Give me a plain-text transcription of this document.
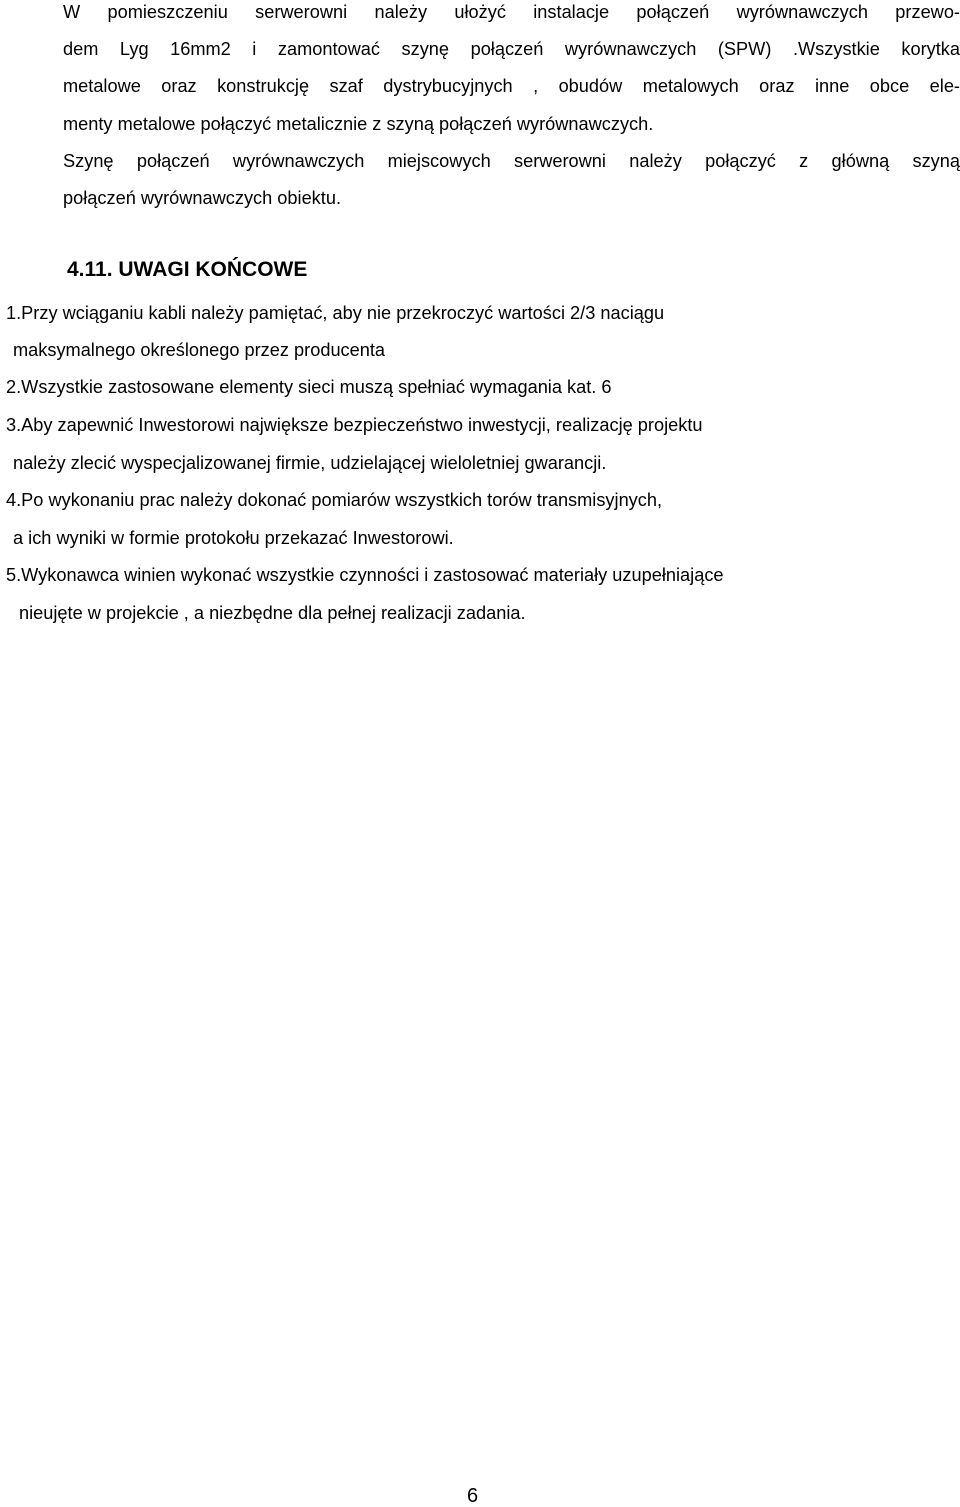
W pomieszczeniu serwerowni należy ułożyć instalacje połączeń wyrównawczych przewo-
dem Lyg 16mm2 i zamontować szynę połączeń wyrównawczych (SPW) .Wszystkie korytka
metalowe oraz konstrukcję szaf dystrybucyjnych , obudów metalowych oraz inne obce ele-
menty metalowe połączyć metalicznie z szyną połączeń wyrównawczych.
Szynę połączeń wyrównawczych miejscowych serwerowni należy połączyć z główną szyną
połączeń wyrównawczych obiektu.
4.11. UWAGI KOŃCOWE
1.Przy wciąganiu kabli należy pamiętać, aby nie przekroczyć wartości 2/3 naciągu
maksymalnego określonego przez producenta
2.Wszystkie zastosowane elementy sieci muszą spełniać wymagania kat. 6
3.Aby zapewnić Inwestorowi największe bezpieczeństwo inwestycji, realizację projektu
należy zlecić wyspecjalizowanej firmie, udzielającej wieloletniej gwarancji.
4.Po wykonaniu prac należy dokonać pomiarów wszystkich torów transmisyjnych,
a ich wyniki w formie protokołu przekazać Inwestorowi.
5.Wykonawca winien wykonać wszystkie czynności i zastosować materiały uzupełniające
nieujęte w projekcie , a niezbędne dla pełnej realizacji zadania.
6
